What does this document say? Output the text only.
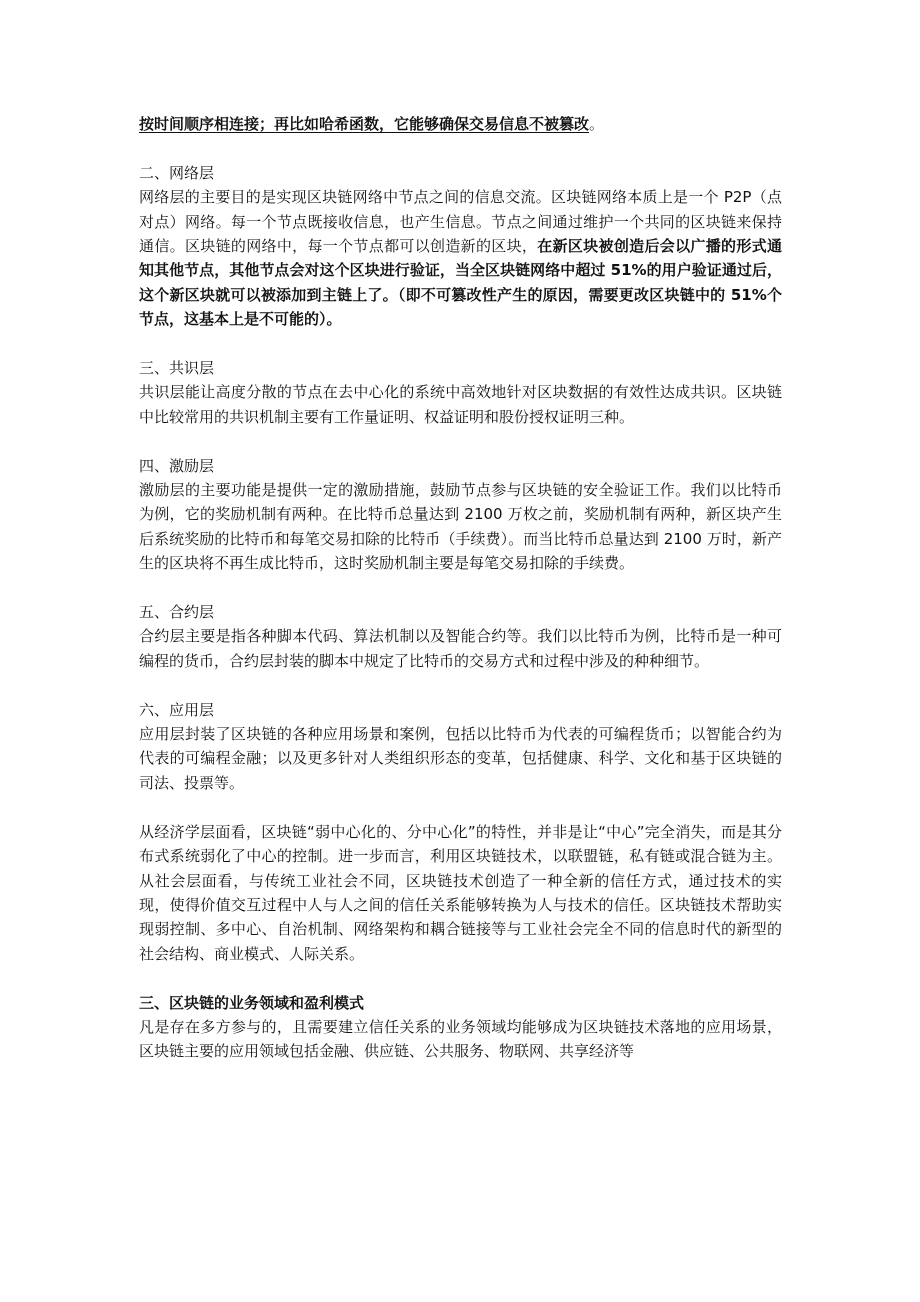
按时间顺序相连接；再比如哈希函数，它能够确保交易信息不被篡改。

二、网络层

网络层的主要目的是实现区块链网络中节点之间的信息交流。区块链网络本质上是一个 P2P（点对点）网络。每一个节点既接收信息，也产生信息。节点之间通过维护一个共同的区块链来保持通信。区块链的网络中，每一个节点都可以创造新的区块，在新区块被创造后会以广播的形式通知其他节点，其他节点会对这个区块进行验证，当全区块链网络中超过 51%的用户验证通过后，这个新区块就可以被添加到主链上了。（即不可篡改性产生的原因，需要更改区块链中的 51%个节点，这基本上是不可能的）。

三、共识层

共识层能让高度分散的节点在去中心化的系统中高效地针对区块数据的有效性达成共识。区块链中比较常用的共识机制主要有工作量证明、权益证明和股份授权证明三种。

四、激励层

激励层的主要功能是提供一定的激励措施，鼓励节点参与区块链的安全验证工作。我们以比特币为例，它的奖励机制有两种。在比特币总量达到 2100 万枚之前，奖励机制有两种，新区块产生后系统奖励的比特币和每笔交易扣除的比特币（手续费）。而当比特币总量达到 2100 万时，新产生的区块将不再生成比特币，这时奖励机制主要是每笔交易扣除的手续费。

五、合约层

合约层主要是指各种脚本代码、算法机制以及智能合约等。我们以比特币为例，比特币是一种可编程的货币，合约层封装的脚本中规定了比特币的交易方式和过程中涉及的种种细节。

六、应用层

应用层封装了区块链的各种应用场景和案例，包括以比特币为代表的可编程货币；以智能合约为代表的可编程金融；以及更多针对人类组织形态的变革，包括健康、科学、文化和基于区块链的司法、投票等。

从经济学层面看，区块链“弱中心化的、分中心化”的特性，并非是让“中心”完全消失，而是其分布式系统弱化了中心的控制。进一步而言，利用区块链技术，以联盟链，私有链或混合链为主。从社会层面看，与传统工业社会不同，区块链技术创造了一种全新的信任方式，通过技术的实现，使得价值交互过程中人与人之间的信任关系能够转换为人与技术的信任。区块链技术帮助实现弱控制、多中心、自治机制、网络架构和耦合链接等与工业社会完全不同的信息时代的新型的社会结构、商业模式、人际关系。

三、区块链的业务领域和盈利模式

凡是存在多方参与的，且需要建立信任关系的业务领域均能够成为区块链技术落地的应用场景，区块链主要的应用领域包括金融、供应链、公共服务、物联网、共享经济等
